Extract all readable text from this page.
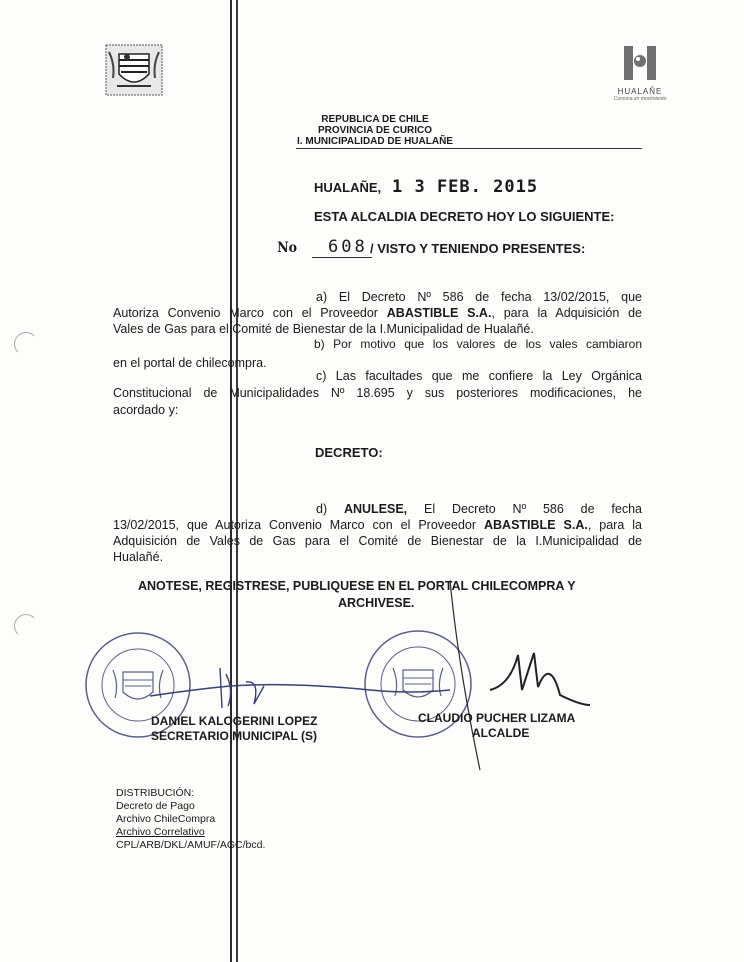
HUALAÑE
Comuna en movimiento
REPUBLICA DE CHILE
PROVINCIA DE CURICO
I. MUNICIPALIDAD DE HUALAÑE
HUALAÑE, 1 3 FEB. 2015
ESTA ALCALDIA DECRETO HOY LO SIGUIENTE:
No 608 / VISTO Y TENIENDO PRESENTES:
a) El Decreto Nº 586 de fecha 13/02/2015, que
Autoriza Convenio Marco con el Proveedor ABASTIBLE S.A., para la Adquisición de
Vales de Gas para el Comité de Bienestar de la I.Municipalidad de Hualañé.
b) Por motivo que los valores de los vales cambiaron
en el portal de chilecompra.
c) Las facultades que me confiere la Ley Orgánica
Constitucional de Municipalidades Nº 18.695 y sus posteriores modificaciones, he
acordado y:
DECRETO:
d) ANULESE, El Decreto Nº 586 de fecha
13/02/2015, que Autoriza Convenio Marco con el Proveedor ABASTIBLE S.A., para la
Adquisición de Vales de Gas para el Comité de Bienestar de la I.Municipalidad de
Hualañé.
ANOTESE, REGISTRESE, PUBLIQUESE EN EL PORTAL CHILECOMPRA Y
ARCHIVESE.
DANIEL KALOGERINI LOPEZ
SECRETARIO MUNICIPAL (S)
CLAUDIO PUCHER LIZAMA
ALCALDE
DISTRIBUCIÓN:
Decreto de Pago
Archivo ChileCompra
Archivo Correlativo
CPL/ARB/DKL/AMUF/AGC/bcd.
